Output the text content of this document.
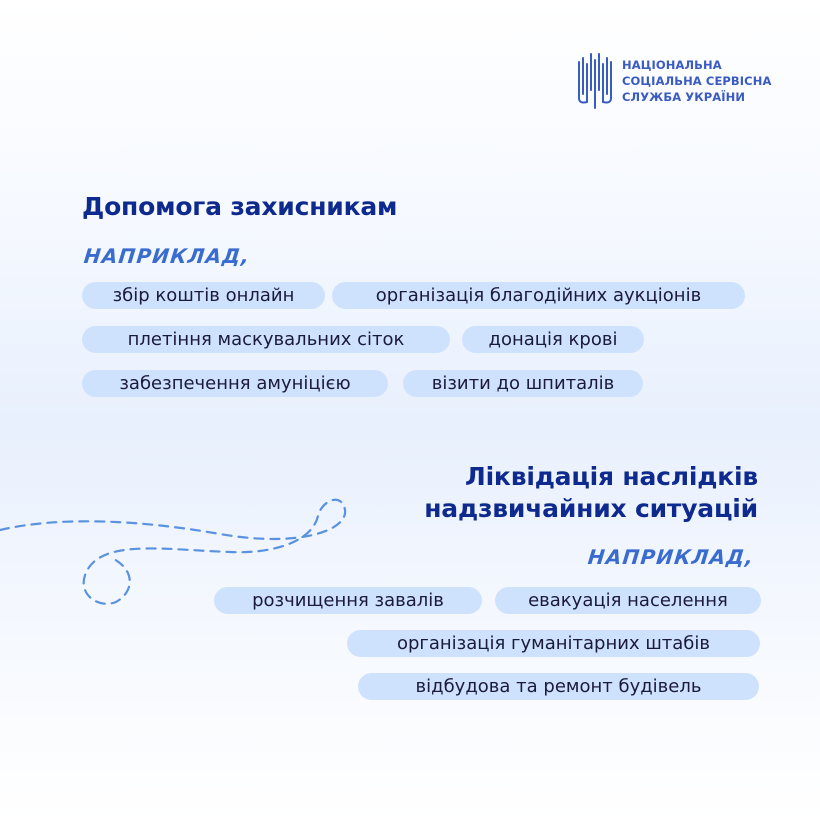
НАЦІОНАЛЬНА
СОЦІАЛЬНА СЕРВІСНА
СЛУЖБА УКРАЇНИ
Допомога захисникам
НАПРИКЛАД,
збір коштів онлайн	організація благодійних аукціонів
плетіння маскувальних сіток	донація крові
забезпечення амуніцією	візити до шпиталів
Ліквідація наслідків
надзвичайних ситуацій
НАПРИКЛАД,
розчищення завалів	евакуація населення
організація гуманітарних штабів
відбудова та ремонт будівель
